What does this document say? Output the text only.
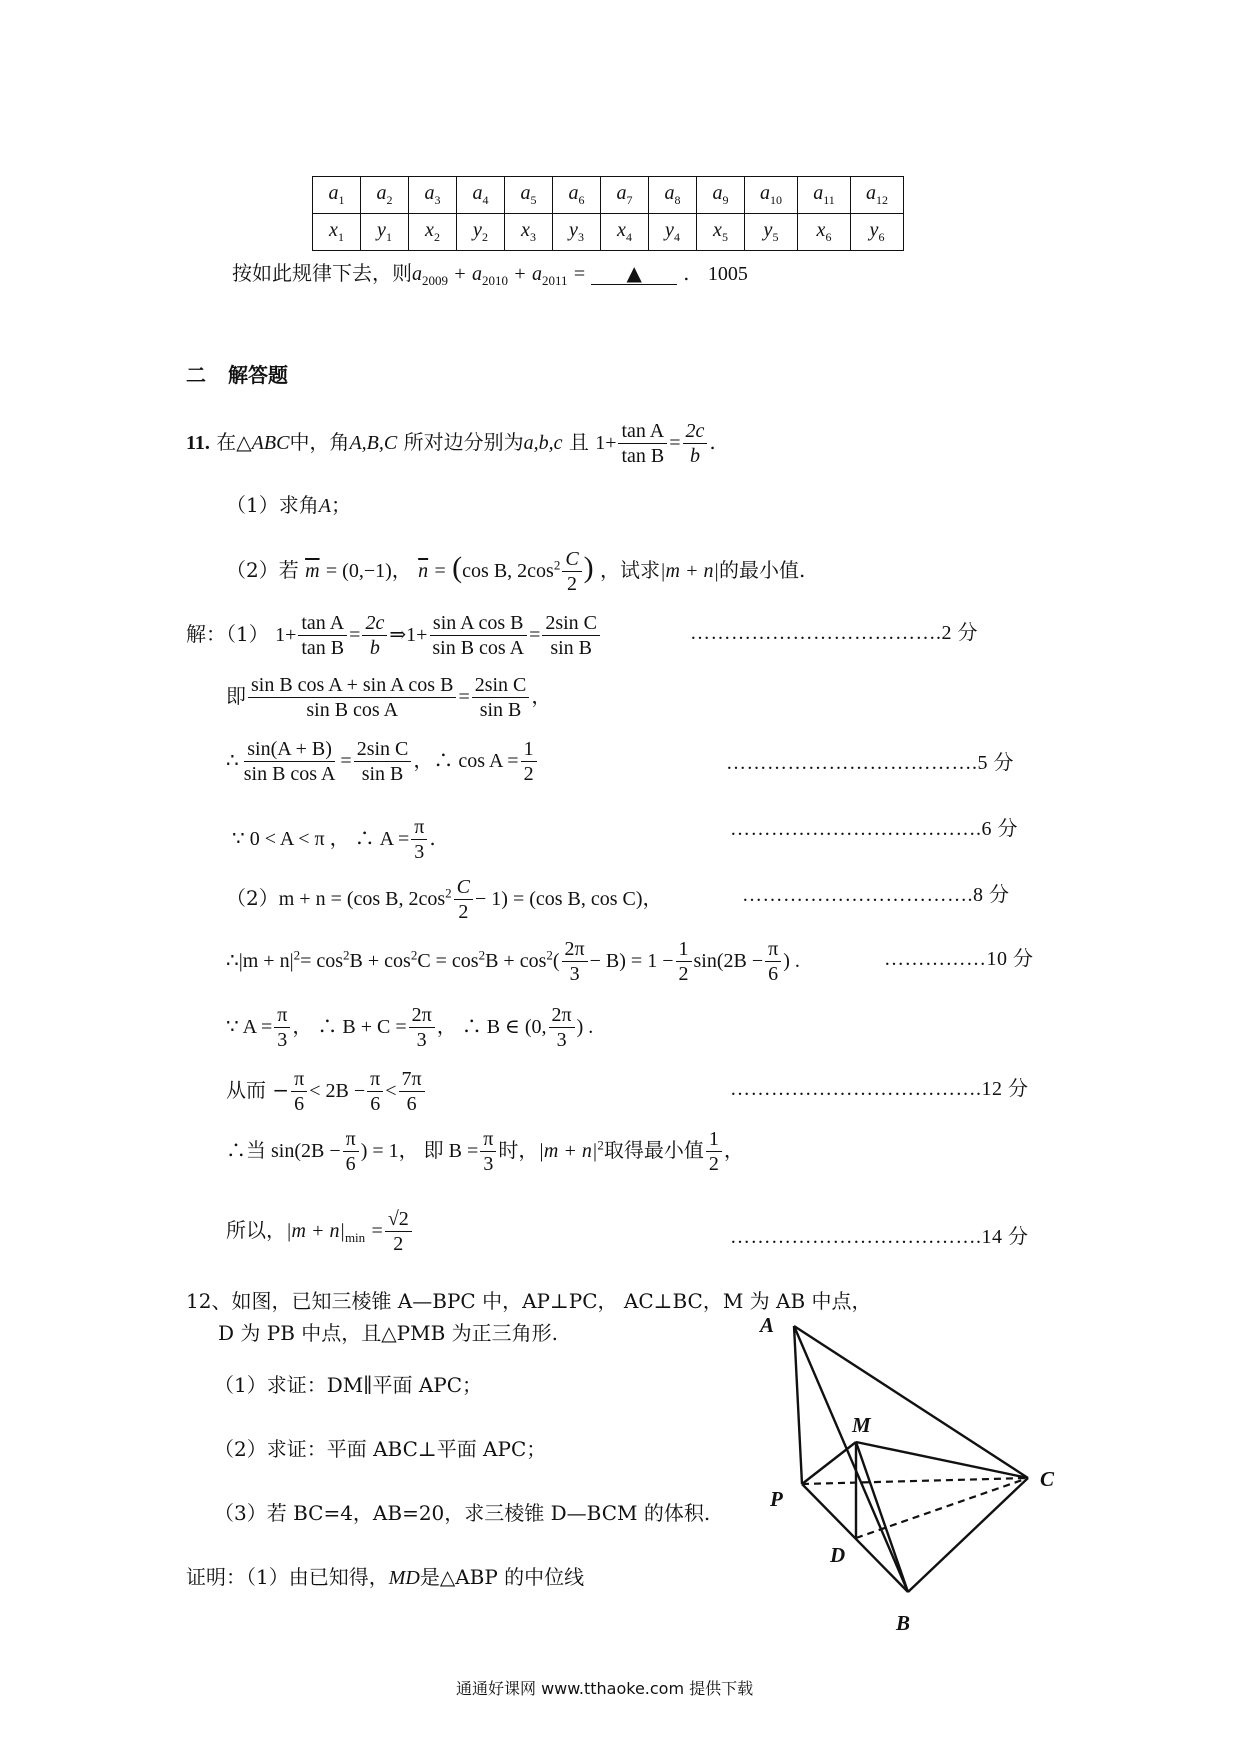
$a_1$	$a_2$	$a_3$	$a_4$	$a_5$	$a_6$	$a_7$	$a_8$	$a_9$	$a_{10}$	$a_{11}$	$a_{12}$
$x_1$	$y_1$	$x_2$	$y_2$	$x_3$	$y_3$	$x_4$	$y_4$	$x_5$	$y_5$	$x_6$	$y_6$
按如此规律下去，则$a_{2009} + a_{2010} + a_{2011}$ = ▲ . 1005
二 解答题
11. 在△ABC中，角A,B,C 所对边分别为a,b,c 且 $1+ \frac{\text{tan A}}{\text{tan B}} = \frac{2c}{b}$ .
（1）求角A；
（2）若 $\overline{m} = (0,-1)$， $\overline{n} = (\cos$ B, $2\cos^2 \frac{C}{2}$ ) ，试求|m + n|的最小值.
解：（1） $1+ \frac{\text{tan A}}{\text{tan B}} = \frac{2c}{b}$ ⇒1+ $\frac{\text{sin A cos B}}{\text{sin B cos A}} = \frac{\text{2sin C}}{\text{sin B}}$	……………………………….2 分
即 $\frac{\text{sin B cos A + sin A cos B}}{\text{sin B cos A}} = \frac{\text{2sin C}}{\text{sin B}}$ ，
∴ $\frac{\sin(A + B)}{\text{sin B cos A}} = \frac{\text{2sin C}}{\text{sin B}}$ ，∴ $\cos A = \frac{1}{2}$	……………………………….5 分
∵ 0 < A < π ， ∴ $A = \frac{\pi}{3}$ .	……………………………….6 分
（2）m + n = (cos B, $2\cos^2 \frac{C}{2} - 1) = (\cos$ B, cos C)，	…………………………….8 分
∴|m + $n|^2= \cos^2B + \cos^2C = \cos^2B + \cos^2( \frac{2\pi}{3} - B) = 1 - \frac{1}{2} \sin(2B - \frac{\pi}{6}$ ) .	……………10 分
∵ $A = \frac{\pi}{3}$ ， ∴ $B + C = \frac{2\pi}{3}$ ， ∴ B ∈ (0, $\frac{2\pi}{3}$ ) .
从而 − $\frac{\pi}{6} < 2B - \frac{\pi}{6} < \frac{7\pi}{6}$	……………………………….12 分
∴当 $\sin(2B - \frac{\pi}{6}$ ) = 1， 即 $B = \frac{\pi}{3}$ 时，$|m + n|^2$取得最小值 $\frac{1}{2}$ ，
所以，$|m + n|_{min} = \frac{√2}{2}$	……………………………….14 分
12、如图，已知三棱锥 A—BPC 中，AP⊥PC， AC⊥BC，M 为 AB 中点，
D 为 PB 中点，且△PMB 为正三角形.
（1）求证：DM∥平面 APC；
（2）求证：平面 ABC⊥平面 APC；
（3）若 BC=4，AB=20，求三棱锥 D—BCM 的体积.
证明：（1）由已知得，MD是△ABP 的中位线
A
M
C
P
D
B
通通好课网 www.tthaoke.com 提供下载
